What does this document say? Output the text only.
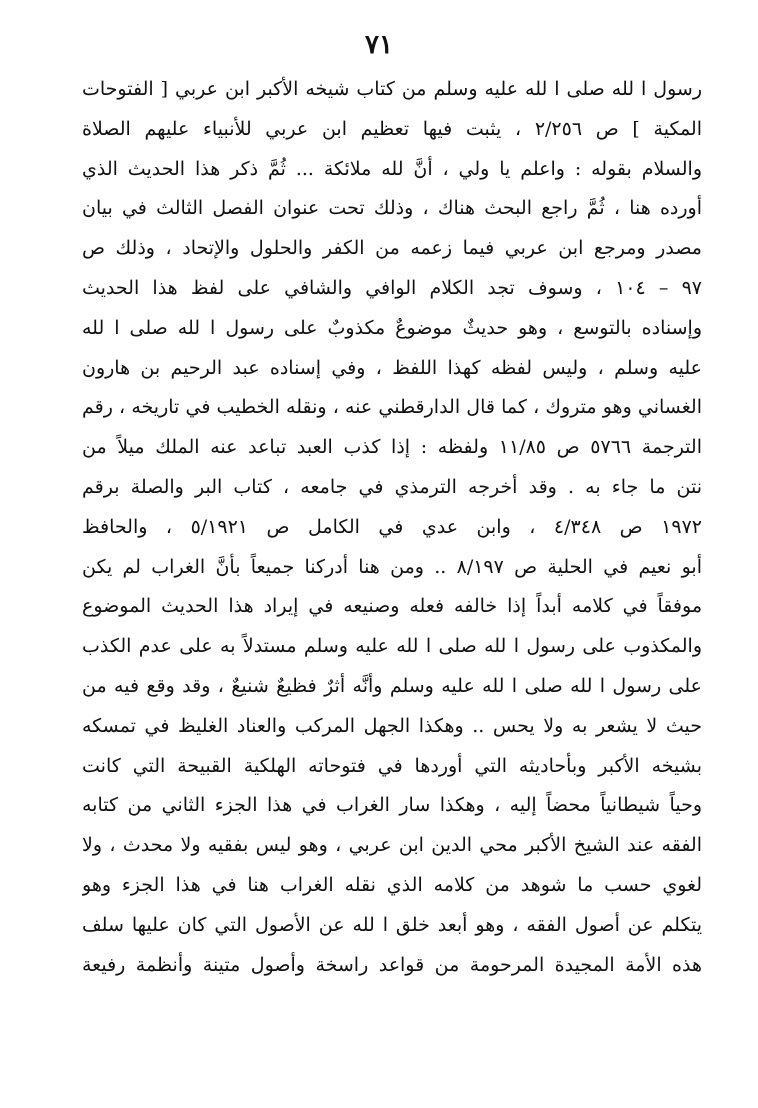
٧١
رسول ا لله صلى ا لله عليه وسلم من كتاب شيخه الأكبر ابن عربي [ الفتوحات
المكية ] ص ٢/٢٥٦ ، يثبت فيها تعظيم ابن عربي للأنبياء عليهم الصلاة
والسلام بقوله : واعلم يا ولي ، أنَّ لله ملائكة ... ثُمَّ ذكر هذا الحديث الذي
أورده هنا ، ثُمَّ راجع البحث هناك ، وذلك تحت عنوان الفصل الثالث في بيان
مصدر ومرجع ابن عربي فيما زعمه من الكفر والحلول والإتحاد ، وذلك ص
٩٧ – ١٠٤ ، وسوف تجد الكلام الوافي والشافي على لفظ هذا الحديث
وإسناده بالتوسع ، وهو حديثٌ موضوعٌ مكذوبٌ على رسول ا لله صلى ا لله
عليه وسلم ، وليس لفظه كهذا اللفظ ، وفي إسناده عبد الرحيم بن هارون
الغساني وهو متروك ، كما قال الدارقطني عنه ، ونقله الخطيب في تاريخه ، رقم
الترجمة ٥٧٦٦ ص ١١/٨٥ ولفظه : إذا كذب العبد تباعد عنه الملك ميلاً من
نتن ما جاء به . وقد أخرجه الترمذي في جامعه ، كتاب البر والصلة برقم
١٩٧٢ ص ٤/٣٤٨ ، وابن عدي في الكامل ص ٥/١٩٢١ ، والحافظ
أبو نعيم في الحلية ص ٨/١٩٧ .. ومن هنا أدركنا جميعاً بأنَّ الغراب لم يكن
موفقاً في كلامه أبداً إذا خالفه فعله وصنيعه في إيراد هذا الحديث الموضوع
والمكذوب على رسول ا لله صلى ا لله عليه وسلم مستدلاً به على عدم الكذب
على رسول ا لله صلى ا لله عليه وسلم وأنَّه أثرٌ فظيعٌ شنيعٌ ، وقد وقع فيه من
حيث لا يشعر به ولا يحس .. وهكذا الجهل المركب والعناد الغليظ في تمسكه
بشيخه الأكبر وبأحاديثه التي أوردها في فتوحاته الهلكية القبيحة التي كانت
وحياً شيطانياً محضاً إليه ، وهكذا سار الغراب في هذا الجزء الثاني من كتابه
الفقه عند الشيخ الأكبر محي الدين ابن عربي ، وهو ليس بفقيه ولا محدث ، ولا
لغوي حسب ما شوهد من كلامه الذي نقله الغراب هنا في هذا الجزء وهو
يتكلم عن أصول الفقه ، وهو أبعد خلق ا لله عن الأصول التي كان عليها سلف
هذه الأمة المجيدة المرحومة من قواعد راسخة وأصول متينة وأنظمة رفيعة
